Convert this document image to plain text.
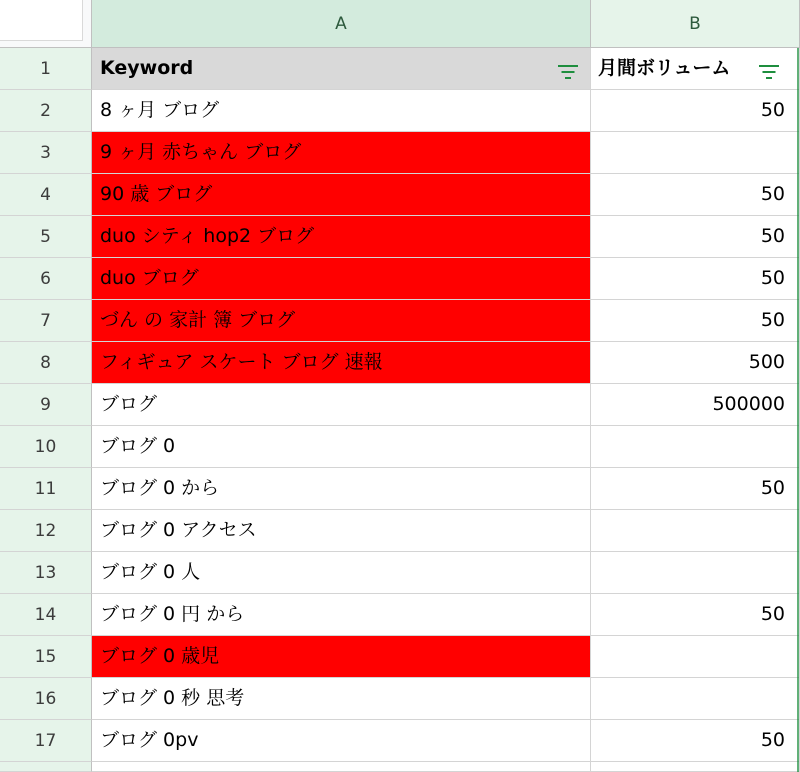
A	B
1	Keyword	月間ボリューム
2	8 ヶ月 ブログ	50
3	9 ヶ月 赤ちゃん ブログ
4	90 歳 ブログ	50
5	duo シティ hop2 ブログ	50
6	duo ブログ	50
7	づん の 家計 簿 ブログ	50
8	フィギュア スケート ブログ 速報	500
9	ブログ	500000
10	ブログ 0
11	ブログ 0 から	50
12	ブログ 0 アクセス
13	ブログ 0 人
14	ブログ 0 円 から	50
15	ブログ 0 歳児
16	ブログ 0 秒 思考
17	ブログ 0pv	50
